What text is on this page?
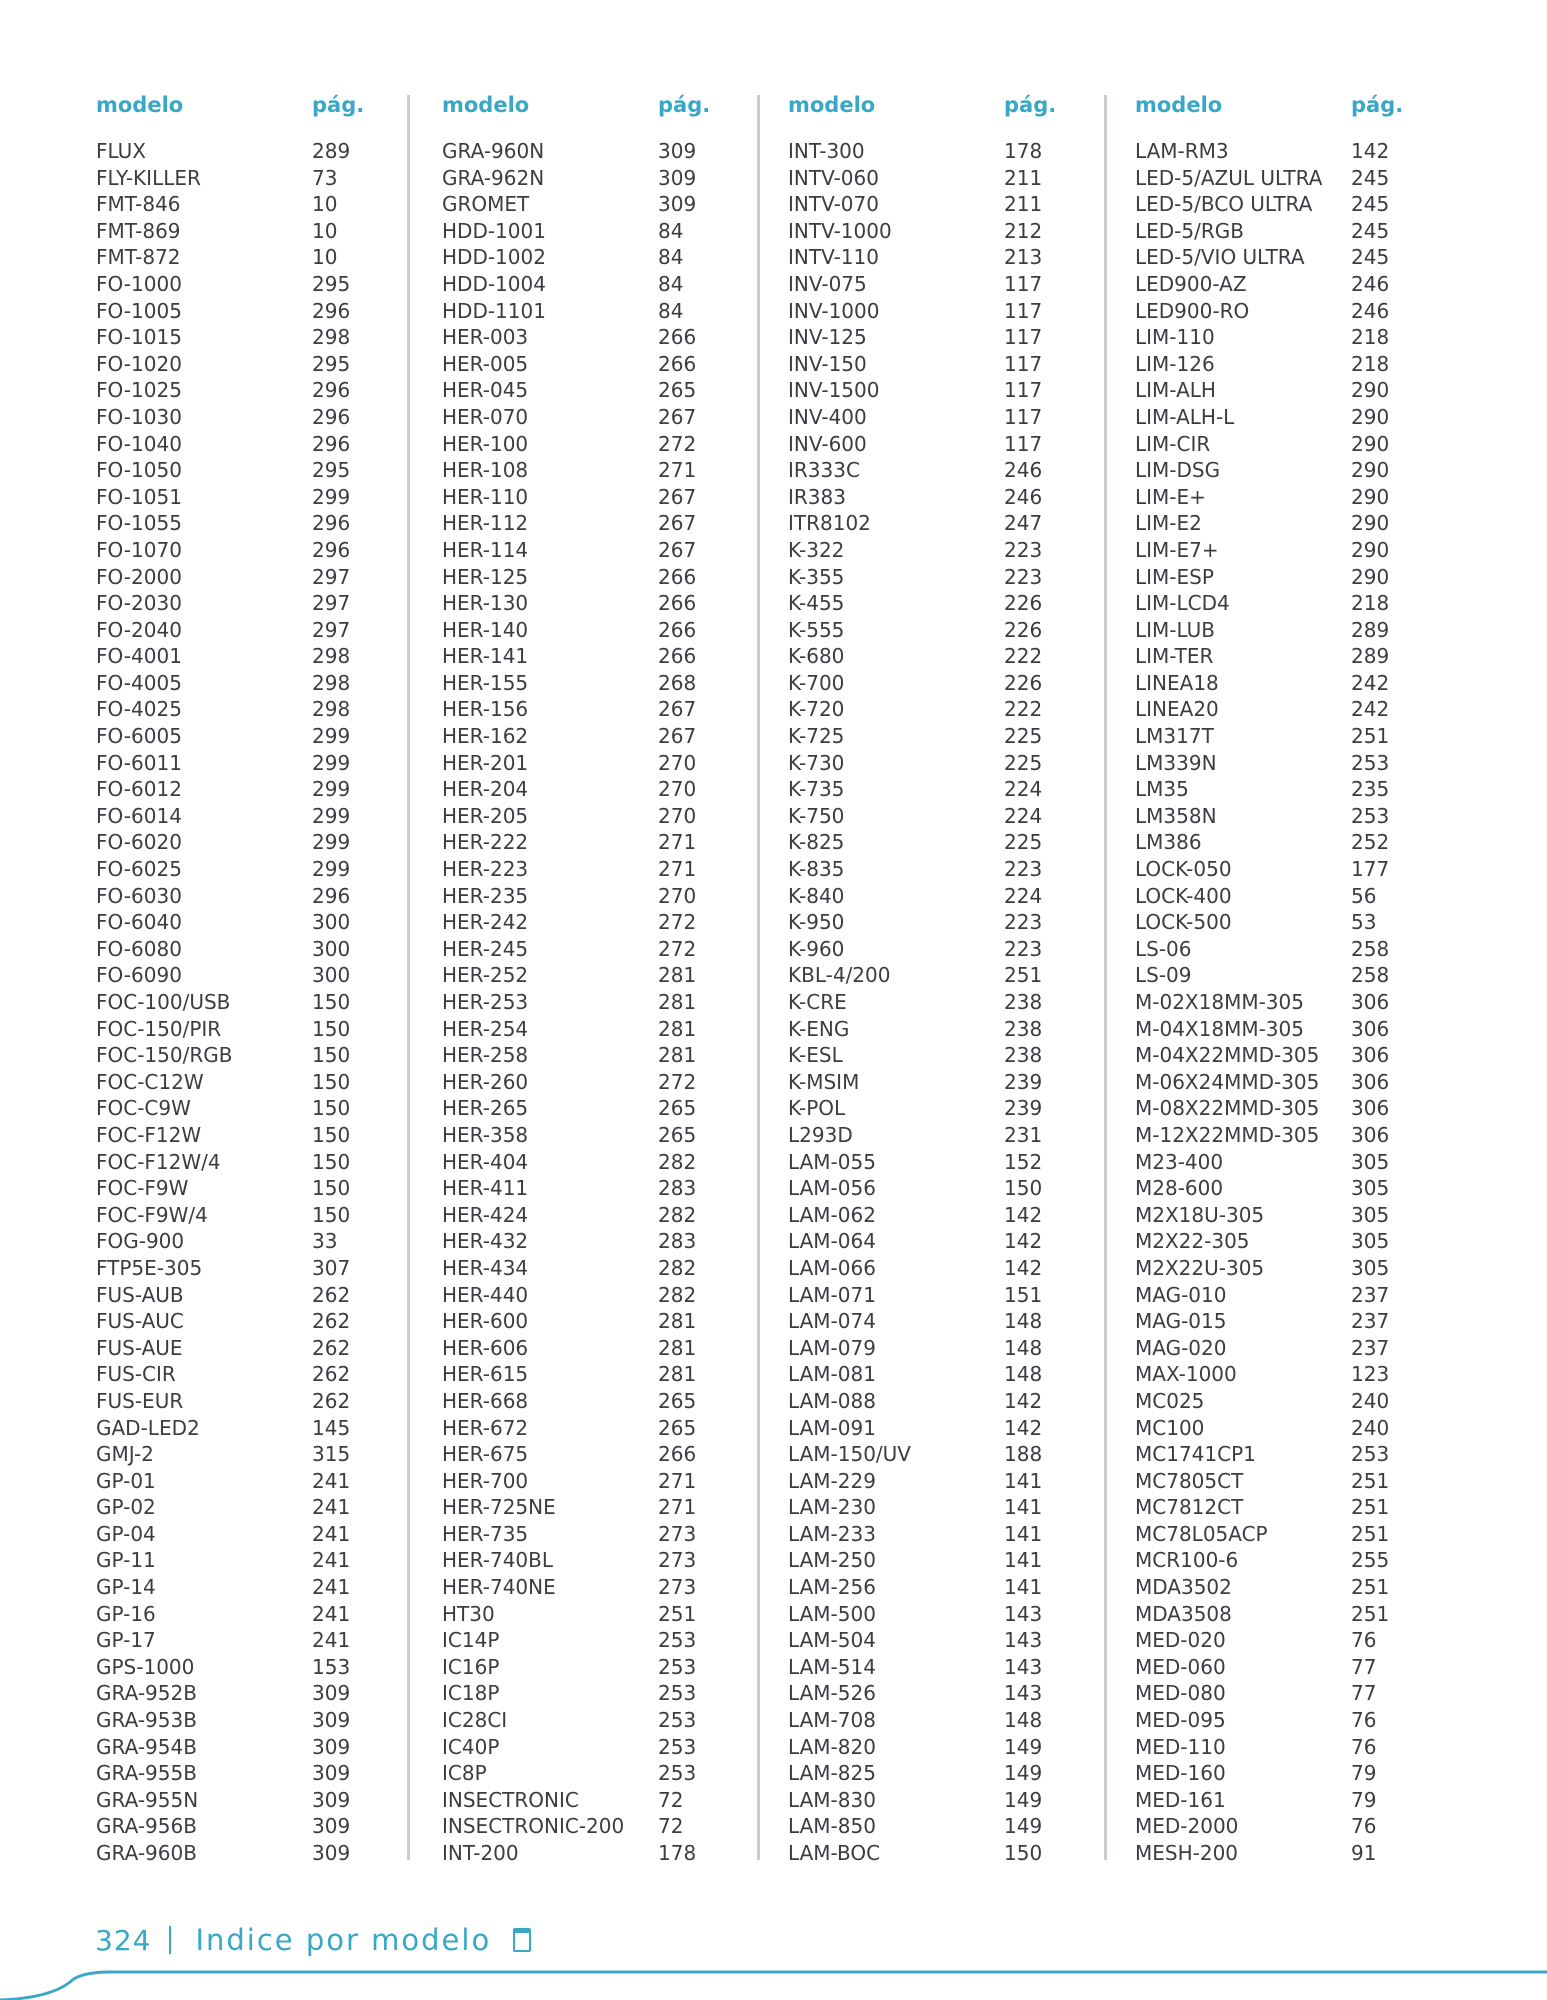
modelo	pág.
FLUX	289
FLY-KILLER	73
FMT-846	10
FMT-869	10
FMT-872	10
FO-1000	295
FO-1005	296
FO-1015	298
FO-1020	295
FO-1025	296
FO-1030	296
FO-1040	296
FO-1050	295
FO-1051	299
FO-1055	296
FO-1070	296
FO-2000	297
FO-2030	297
FO-2040	297
FO-4001	298
FO-4005	298
FO-4025	298
FO-6005	299
FO-6011	299
FO-6012	299
FO-6014	299
FO-6020	299
FO-6025	299
FO-6030	296
FO-6040	300
FO-6080	300
FO-6090	300
FOC-100/USB	150
FOC-150/PIR	150
FOC-150/RGB	150
FOC-C12W	150
FOC-C9W	150
FOC-F12W	150
FOC-F12W/4	150
FOC-F9W	150
FOC-F9W/4	150
FOG-900	33
FTP5E-305	307
FUS-AUB	262
FUS-AUC	262
FUS-AUE	262
FUS-CIR	262
FUS-EUR	262
GAD-LED2	145
GMJ-2	315
GP-01	241
GP-02	241
GP-04	241
GP-11	241
GP-14	241
GP-16	241
GP-17	241
GPS-1000	153
GRA-952B	309
GRA-953B	309
GRA-954B	309
GRA-955B	309
GRA-955N	309
GRA-956B	309
GRA-960B	309
modelo	pág.
GRA-960N	309
GRA-962N	309
GROMET	309
HDD-1001	84
HDD-1002	84
HDD-1004	84
HDD-1101	84
HER-003	266
HER-005	266
HER-045	265
HER-070	267
HER-100	272
HER-108	271
HER-110	267
HER-112	267
HER-114	267
HER-125	266
HER-130	266
HER-140	266
HER-141	266
HER-155	268
HER-156	267
HER-162	267
HER-201	270
HER-204	270
HER-205	270
HER-222	271
HER-223	271
HER-235	270
HER-242	272
HER-245	272
HER-252	281
HER-253	281
HER-254	281
HER-258	281
HER-260	272
HER-265	265
HER-358	265
HER-404	282
HER-411	283
HER-424	282
HER-432	283
HER-434	282
HER-440	282
HER-600	281
HER-606	281
HER-615	281
HER-668	265
HER-672	265
HER-675	266
HER-700	271
HER-725NE	271
HER-735	273
HER-740BL	273
HER-740NE	273
HT30	251
IC14P	253
IC16P	253
IC18P	253
IC28CI	253
IC40P	253
IC8P	253
INSECTRONIC	72
INSECTRONIC-200 72
INT-200	178
modelo	pág.
INT-300	178
INTV-060	211
INTV-070	211
INTV-1000	212
INTV-110	213
INV-075	117
INV-1000	117
INV-125	117
INV-150	117
INV-1500	117
INV-400	117
INV-600	117
IR333C	246
IR383	246
ITR8102	247
K-322	223
K-355	223
K-455	226
K-555	226
K-680	222
K-700	226
K-720	222
K-725	225
K-730	225
K-735	224
K-750	224
K-825	225
K-835	223
K-840	224
K-950	223
K-960	223
KBL-4/200	251
K-CRE	238
K-ENG	238
K-ESL	238
K-MSIM	239
K-POL	239
L293D	231
LAM-055	152
LAM-056	150
LAM-062	142
LAM-064	142
LAM-066	142
LAM-071	151
LAM-074	148
LAM-079	148
LAM-081	148
LAM-088	142
LAM-091	142
LAM-150/UV	188
LAM-229	141
LAM-230	141
LAM-233	141
LAM-250	141
LAM-256	141
LAM-500	143
LAM-504	143
LAM-514	143
LAM-526	143
LAM-708	148
LAM-820	149
LAM-825	149
LAM-830	149
LAM-850	149
LAM-BOC	150
modelo	pág.
LAM-RM3	142
LED-5/AZUL ULTRA 245
LED-5/BCO ULTRA 245
LED-5/RGB	245
LED-5/VIO ULTRA 245
LED900-AZ	246
LED900-RO	246
LIM-110	218
LIM-126	218
LIM-ALH	290
LIM-ALH-L	290
LIM-CIR	290
LIM-DSG	290
LIM-E+	290
LIM-E2	290
LIM-E7+	290
LIM-ESP	290
LIM-LCD4	218
LIM-LUB	289
LIM-TER	289
LINEA18	242
LINEA20	242
LM317T	251
LM339N	253
LM35	235
LM358N	253
LM386	252
LOCK-050	177
LOCK-400	56
LOCK-500	53
LS-06	258
LS-09	258
M-02X18MM-305 306
M-04X18MM-305 306
M-04X22MMD-305 306
M-06X24MMD-305 306
M-08X22MMD-305 306
M-12X22MMD-305 306
M23-400	305
M28-600	305
M2X18U-305	305
M2X22-305	305
M2X22U-305	305
MAG-010	237
MAG-015	237
MAG-020	237
MAX-1000	123
MC025	240
MC100	240
MC1741CP1	253
MC7805CT	251
MC7812CT	251
MC78L05ACP	251
MCR100-6	255
MDA3502	251
MDA3508	251
MED-020	76
MED-060	77
MED-080	77
MED-095	76
MED-110	76
MED-160	79
MED-161	79
MED-2000	76
MESH-200	91
324 Indice por modelo
